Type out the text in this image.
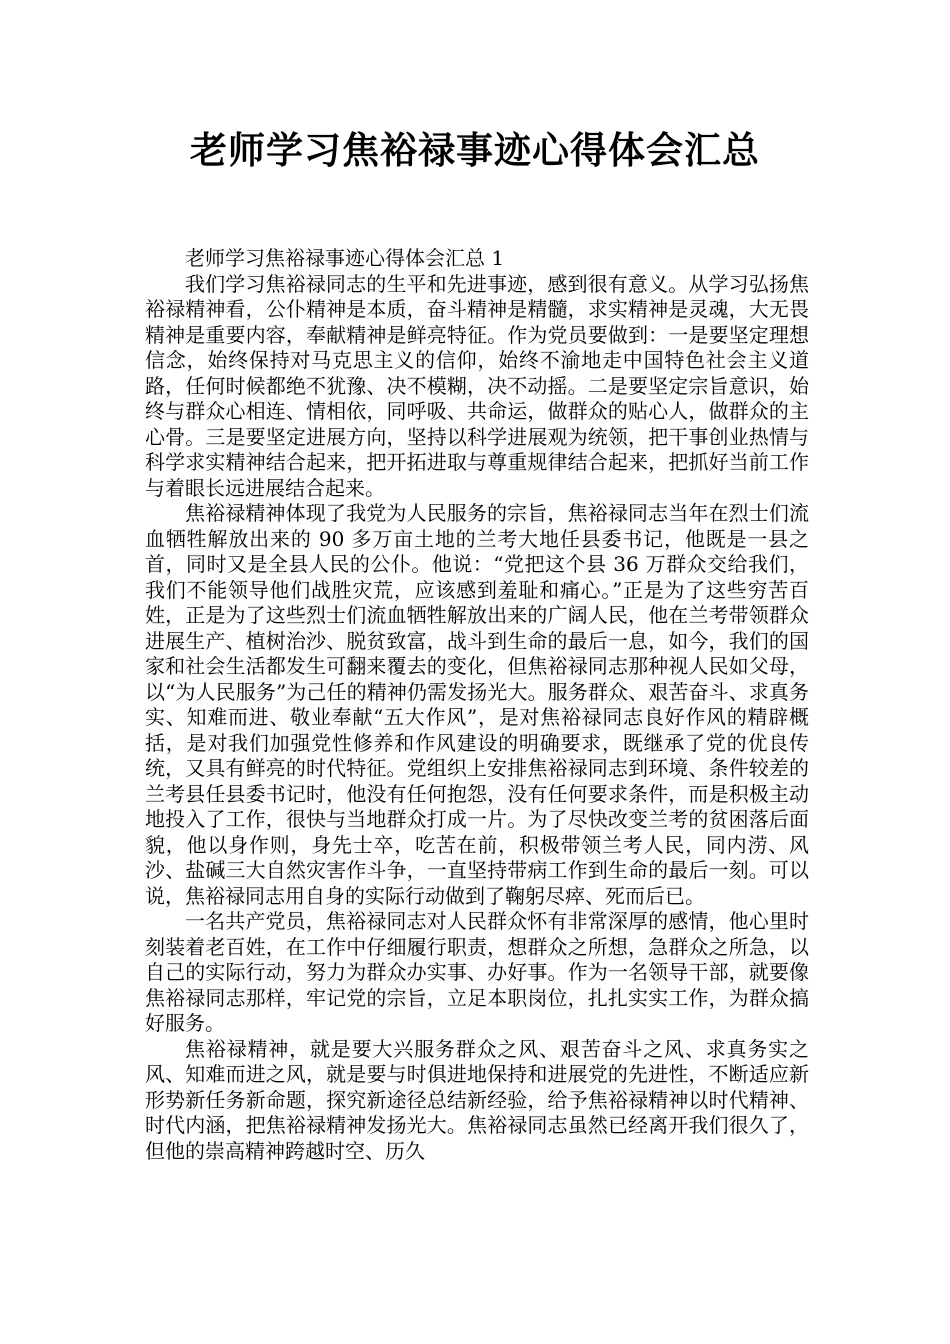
老师学习焦裕禄事迹心得体会汇总

老师学习焦裕禄事迹心得体会汇总 1

我们学习焦裕禄同志的生平和先进事迹，感到很有意义。从学习弘扬焦裕禄精神看，公仆精神是本质，奋斗精神是精髓，求实精神是灵魂，大无畏精神是重要内容，奉献精神是鲜亮特征。作为党员要做到：一是要坚定理想信念，始终保持对马克思主义的信仰，始终不渝地走中国特色社会主义道路，任何时候都绝不犹豫、决不模糊，决不动摇。二是要坚定宗旨意识，始终与群众心相连、情相依，同呼吸、共命运，做群众的贴心人，做群众的主心骨。三是要坚定进展方向，坚持以科学进展观为统领，把干事创业热情与科学求实精神结合起来，把开拓进取与尊重规律结合起来，把抓好当前工作与着眼长远进展结合起来。

焦裕禄精神体现了我党为人民服务的宗旨，焦裕禄同志当年在烈士们流血牺牲解放出来的 90 多万亩土地的兰考大地任县委书记，他既是一县之首，同时又是全县人民的公仆。他说：“党把这个县 36 万群众交给我们，我们不能领导他们战胜灾荒，应该感到羞耻和痛心。”正是为了这些穷苦百姓，正是为了这些烈士们流血牺牲解放出来的广阔人民，他在兰考带领群众进展生产、植树治沙、脱贫致富，战斗到生命的最后一息，如今，我们的国家和社会生活都发生可翻来覆去的变化，但焦裕禄同志那种视人民如父母，以“为人民服务”为己任的精神仍需发扬光大。服务群众、艰苦奋斗、求真务实、知难而进、敬业奉献“五大作风”，是对焦裕禄同志良好作风的精辟概括，是对我们加强党性修养和作风建设的明确要求，既继承了党的优良传统，又具有鲜亮的时代特征。党组织上安排焦裕禄同志到环境、条件较差的兰考县任县委书记时，他没有任何抱怨，没有任何要求条件，而是积极主动地投入了工作，很快与当地群众打成一片。为了尽快改变兰考的贫困落后面貌，他以身作则，身先士卒，吃苦在前，积极带领兰考人民，同内涝、风沙、盐碱三大自然灾害作斗争，一直坚持带病工作到生命的最后一刻。可以说，焦裕禄同志用自身的实际行动做到了鞠躬尽瘁、死而后已。

一名共产党员，焦裕禄同志对人民群众怀有非常深厚的感情，他心里时刻装着老百姓，在工作中仔细履行职责，想群众之所想，急群众之所急，以自己的实际行动，努力为群众办实事、办好事。作为一名领导干部，就要像焦裕禄同志那样，牢记党的宗旨，立足本职岗位，扎扎实实工作，为群众搞好服务。

焦裕禄精神，就是要大兴服务群众之风、艰苦奋斗之风、求真务实之风、知难而进之风，就是要与时俱进地保持和进展党的先进性，不断适应新形势新任务新命题，探究新途径总结新经验，给予焦裕禄精神以时代精神、时代内涵，把焦裕禄精神发扬光大。焦裕禄同志虽然已经离开我们很久了，但他的崇高精神跨越时空、历久
